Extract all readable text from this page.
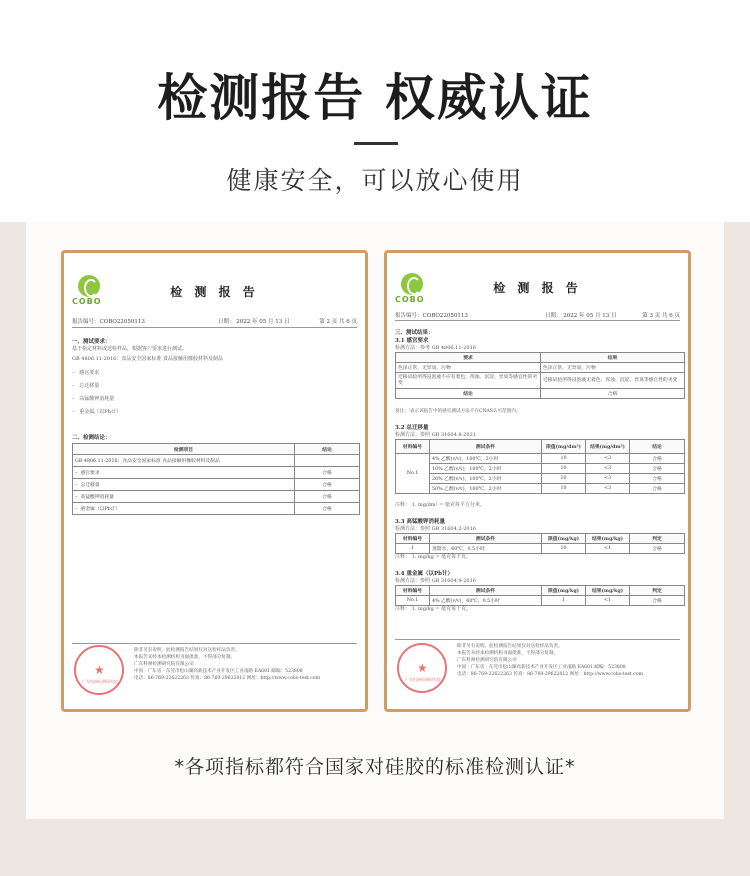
检测报告 权威认证
健康安全，可以放心使用
COBO
检 测 报 告
报告编号：COBO22050113	日期： 2022 年 05 月 13 日	第 2 页 共 6 页
一、测试要求：
基于指定材料或送检样品，根据客户要求进行测试。
GB 4806.11-2016：食品安全国家标准 食品接触用橡胶材料及制品
–   感官要求
–   总迁移量
–   高锰酸钾消耗量
–   重金属（以Pb计）
二、检测结论：
检测项目	结论
GB 4806.11-2016：食品安全国家标准 食品接触用橡胶材料及制品	
–  感官要求	合格
–  总迁移量	合格
–  高锰酸钾消耗量	合格
–  重金属（以Pb计）	合格
★
广东科洲检测研究院
除非另有说明，此检测报告结果仅对送检样品负责。
本报告未经本检测机构书面批准，不得部分复制。
广东科洲检测研究院有限公司
中国 · 广东省 · 东莞市松山湖高新技术产业开发区工业南路 EA601 邮编：523808
电话：86-769-22622263 传真：86-769-29622012 网址：http://www.cobo-test.com
COBO
检 测 报 告
报告编号：COBO22050113	日期： 2022 年 05 月 13 日	第 3 页 共 6 页
三、测试结果：
3.1 感官要求
检测方法：参考 GB 4806.11-2016
要求	结果
色泽正常，无异臭、污物	色泽正常，无异臭、污物
迁移试验所得浸泡液不应有着色、浑浊、沉淀、异臭等感官性的劣变	迁移试验所得浸泡液无着色、浑浊、沉淀、异臭等感官性的劣变
结论	合格
备注：'表示该报告中的感官测试方法不在CNAS认可范围内。
3.2 总迁移量
检测方法：参照 GB 31604.8-2021
材料编号	测试条件	限值(mg/dm²)	结果(mg/dm²)	结论
No.1	4% 乙酸(v/v)，100℃，2小时	10	<3	合格
	10% 乙醇(v/v)，100℃，2小时	10	<3	合格
	20% 乙醇(v/v)，100℃，2小时	10	<3	合格
	50% 乙醇(v/v)，100℃，2小时	10	<3	合格
注释： 1. mg/dm² = 毫克每平方分米。
3.3 高锰酸钾消耗量
检测方法：参照 GB 31604.2-2016
材料编号	测试条件	限值(mg/kg)	结果(mg/kg)	判定
1	蒸馏水，60℃，0.5小时	10	<1	合格
注释： 1. mg/kg = 毫克每千克。
3.4 重金属（以Pb计）
检测方法：参照 GB 31604.9-2016
材料编号	测试条件	限值(mg/kg)	结果(mg/kg)	判定
No.1	4% 乙酸(v/v)，60℃，0.5小时	1	<1	合格
注释： 1. mg/kg = 毫克每千克。
★
广东科洲检测研究院
除非另有说明，此检测报告结果仅对送检样品负责。
本报告未经本检测机构书面批准，不得部分复制。
广东科洲检测研究院有限公司
中国 · 广东省 · 东莞市松山湖高新技术产业开发区工业南路 EA601 邮编：523808
电话：86-769-22622263 传真：86-769-29622012 网址：http://www.cobo-test.com
*各项指标都符合国家对硅胶的标准检测认证*
